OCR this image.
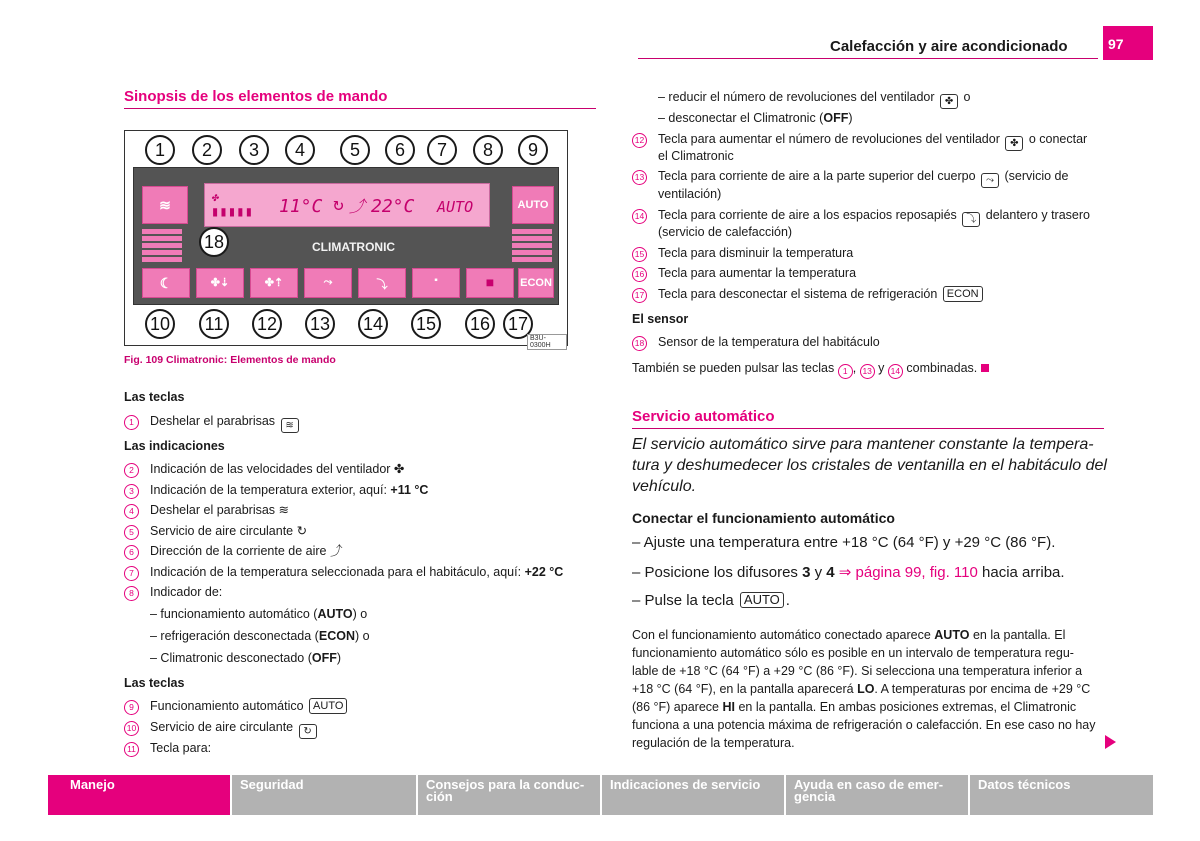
Calefacción y aire acondicionado	97
Sinopsis de los elementos de mando
1	2	3	4	5	6	7	8	9
≋	✤
▮▮▮▮▮ 11°C ↻ ⤴ 22°C AUTO	AUTO
CLIMATRONIC
☾	✤⇣	✤⇡	⤳	⤵	▪	■	ECON
18
10	11	12 13 14 15 16 17
B3U-0300H
Fig. 109 Climatronic: Elementos de mando
Las teclas
1	Deshelar el parabrisas ≋
Las indicaciones
2	Indicación de las velocidades del ventilador ✤
3	Indicación de la temperatura exterior, aquí: +11 °C
4	Deshelar el parabrisas ≋
5	Servicio de aire circulante ↻
6	Dirección de la corriente de aire ⤴
7	Indicación de la temperatura seleccionada para el habitáculo, aquí: +22 °C
8	Indicador de:
– funcionamiento automático (AUTO) o
– refrigeración desconectada (ECON) o
– Climatronic desconectado (OFF)
Las teclas
9	Funcionamiento automático AUTO
10 Servicio de aire circulante ↻
11 Tecla para:
– reducir el número de revoluciones del ventilador ✤ o
– desconectar el Climatronic (OFF)
12 Tecla para aumentar el número de revoluciones del ventilador ✤ o conectar
el Climatronic
13 Tecla para corriente de aire a la parte superior del cuerpo ⤳ (servicio de
ventilación)
14 Tecla para corriente de aire a los espacios reposapiés ⤵ delantero y trasero
(servicio de calefacción)
15 Tecla para disminuir la temperatura
16 Tecla para aumentar la temperatura
17 Tecla para desconectar el sistema de refrigeración ECON
El sensor
18 Sensor de la temperatura del habitáculo
También se pueden pulsar las teclas 1 , 13 y 14 combinadas.
Servicio automático
El servicio automático sirve para mantener constante la tempera-tura y deshumedecer los cristales de ventanilla en el habitáculo del vehículo.
Conectar el funcionamiento automático
– Ajuste una temperatura entre +18 °C (64 °F) y +29 °C (86 °F).
– Posicione los difusores 3 y 4 ⇒ página 99, fig. 110 hacia arriba.
– Pulse la tecla AUTO .
Con el funcionamiento automático conectado aparece AUTO en la pantalla. El
funcionamiento automático sólo es posible en un intervalo de temperatura regu-
lable de +18 °C (64 °F) a +29 °C (86 °F). Si selecciona una temperatura inferior a
+18 °C (64 °F), en la pantalla aparecerá LO. A temperaturas por encima de +29 °C
(86 °F) aparece HI en la pantalla. En ambas posiciones extremas, el Climatronic
funciona a una potencia máxima de refrigeración o calefacción. En ese caso no hay
regulación de la temperatura.
Manejo	Seguridad	Consejos para la conduc-
ción
Indicaciones de servicio	Ayuda en caso de emer-
gencia
Datos técnicos
